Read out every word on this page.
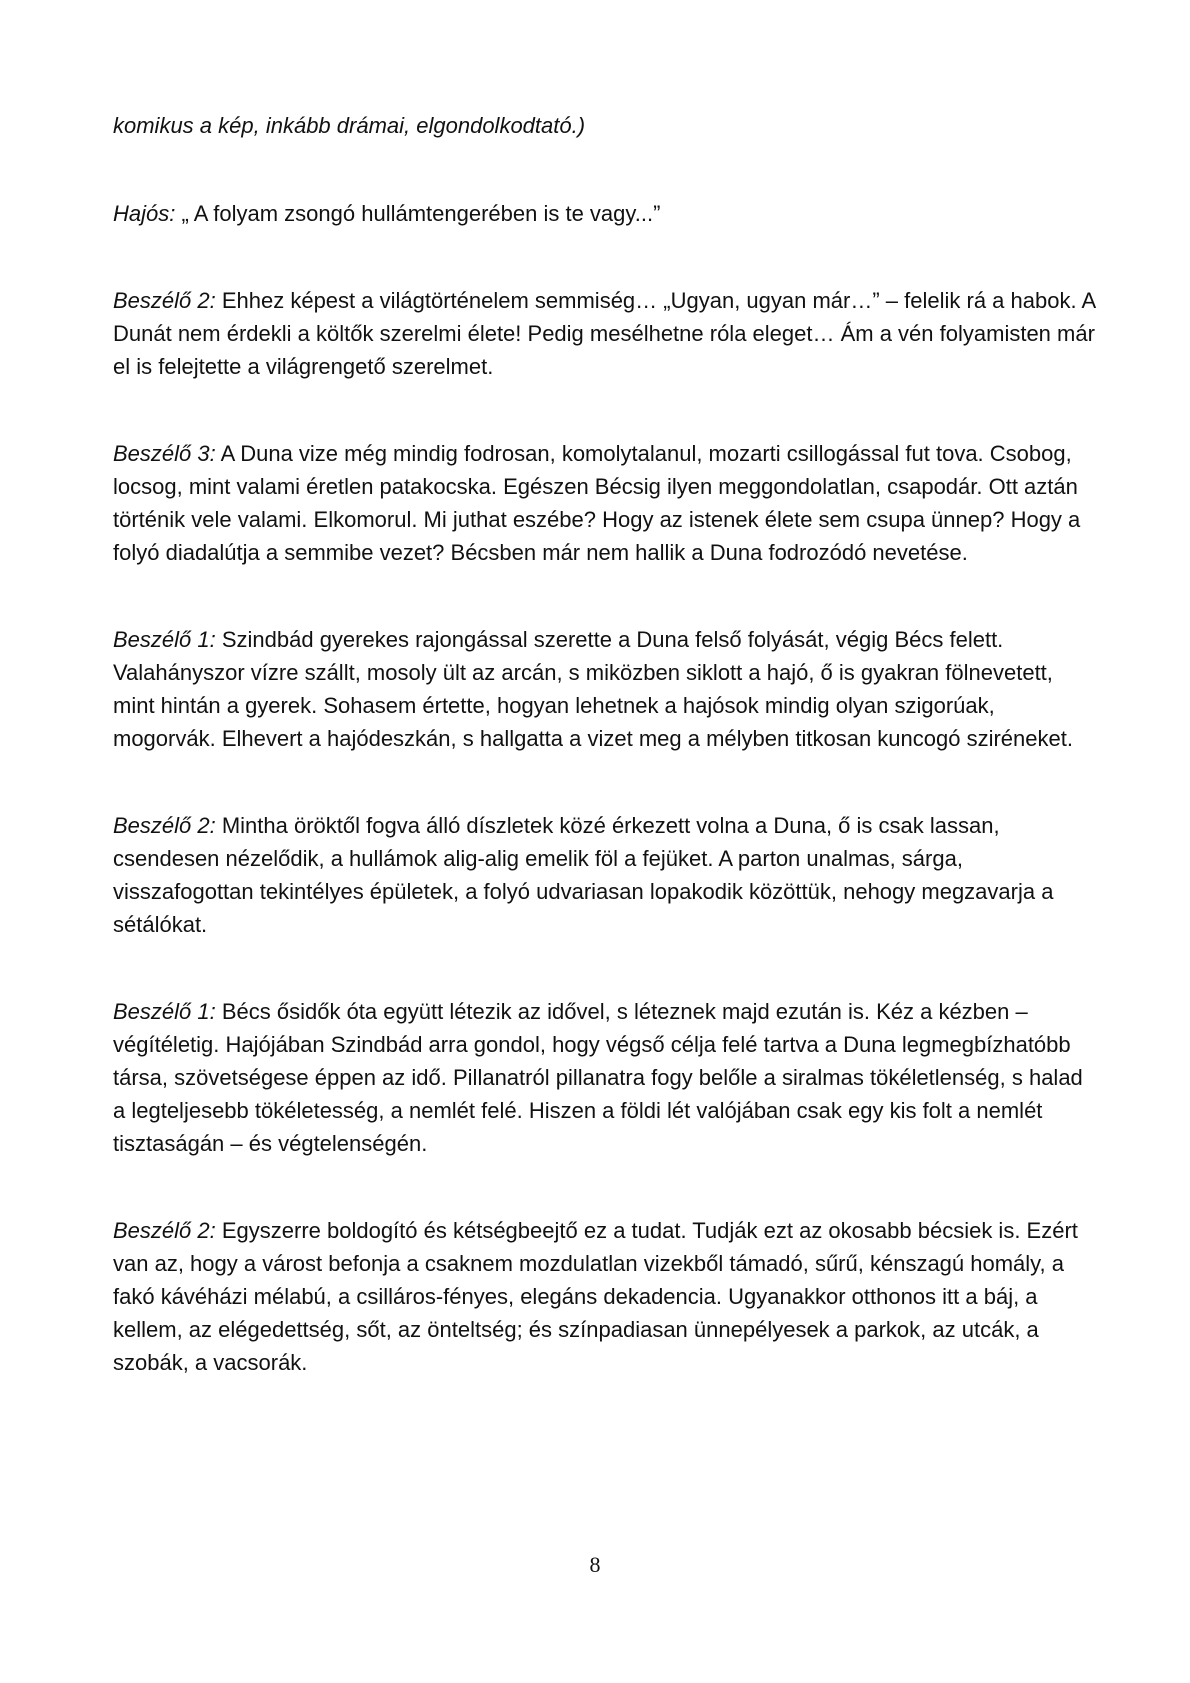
komikus a kép, inkább drámai, elgondolkodtató.)

Hajós: „ A folyam zsongó hullámtengerében is te vagy...”

Beszélő 2: Ehhez képest a világtörténelem semmiség… „Ugyan, ugyan már…” – felelik rá a habok. A Dunát nem érdekli a költők szerelmi élete! Pedig mesélhetne róla eleget… Ám a vén folyamisten már el is felejtette a világrengető szerelmet.

Beszélő 3: A Duna vize még mindig fodrosan, komolytalanul, mozarti csillogással fut tova. Csobog, locsog, mint valami éretlen patakocska. Egészen Bécsig ilyen meggondolatlan, csapodár. Ott aztán történik vele valami. Elkomorul. Mi juthat eszébe? Hogy az istenek élete sem csupa ünnep? Hogy a folyó diadalútja a semmibe vezet? Bécsben már nem hallik a Duna fodrozódó nevetése.

Beszélő 1: Szindbád gyerekes rajongással szerette a Duna felső folyását, végig Bécs felett. Valahányszor vízre szállt, mosoly ült az arcán, s miközben siklott a hajó, ő is gyakran fölnevetett, mint hintán a gyerek. Sohasem értette, hogyan lehetnek a hajósok mindig olyan szigorúak, mogorvák. Elhevert a hajódeszkán, s hallgatta a vizet meg a mélyben titkosan kuncogó sziréneket.

Beszélő 2: Mintha öröktől fogva álló díszletek közé érkezett volna a Duna, ő is csak lassan, csendesen nézelődik, a hullámok alig-alig emelik föl a fejüket. A parton unalmas, sárga, visszafogottan tekintélyes épületek, a folyó udvariasan lopakodik közöttük, nehogy megzavarja a sétálókat.

Beszélő 1: Bécs ősidők óta együtt létezik az idővel, s léteznek majd ezután is. Kéz a kézben – végítéletig. Hajójában Szindbád arra gondol, hogy végső célja felé tartva a Duna legmegbízhatóbb társa, szövetségese éppen az idő. Pillanatról pillanatra fogy belőle a siralmas tökéletlenség, s halad a legteljesebb tökéletesség, a nemlét felé. Hiszen a földi lét valójában csak egy kis folt a nemlét tisztaságán – és végtelenségén.

Beszélő 2: Egyszerre boldogító és kétségbeejtő ez a tudat. Tudják ezt az okosabb bécsiek is. Ezért van az, hogy a várost befonja a csaknem mozdulatlan vizekből támadó, sűrű, kénszagú homály, a fakó kávéházi mélabú, a csilláros-fényes, elegáns dekadencia. Ugyanakkor otthonos itt a báj, a kellem, az elégedettség, sőt, az önteltség; és színpadiasan ünnepélyesek a parkok, az utcák, a szobák, a vacsorák.

8
